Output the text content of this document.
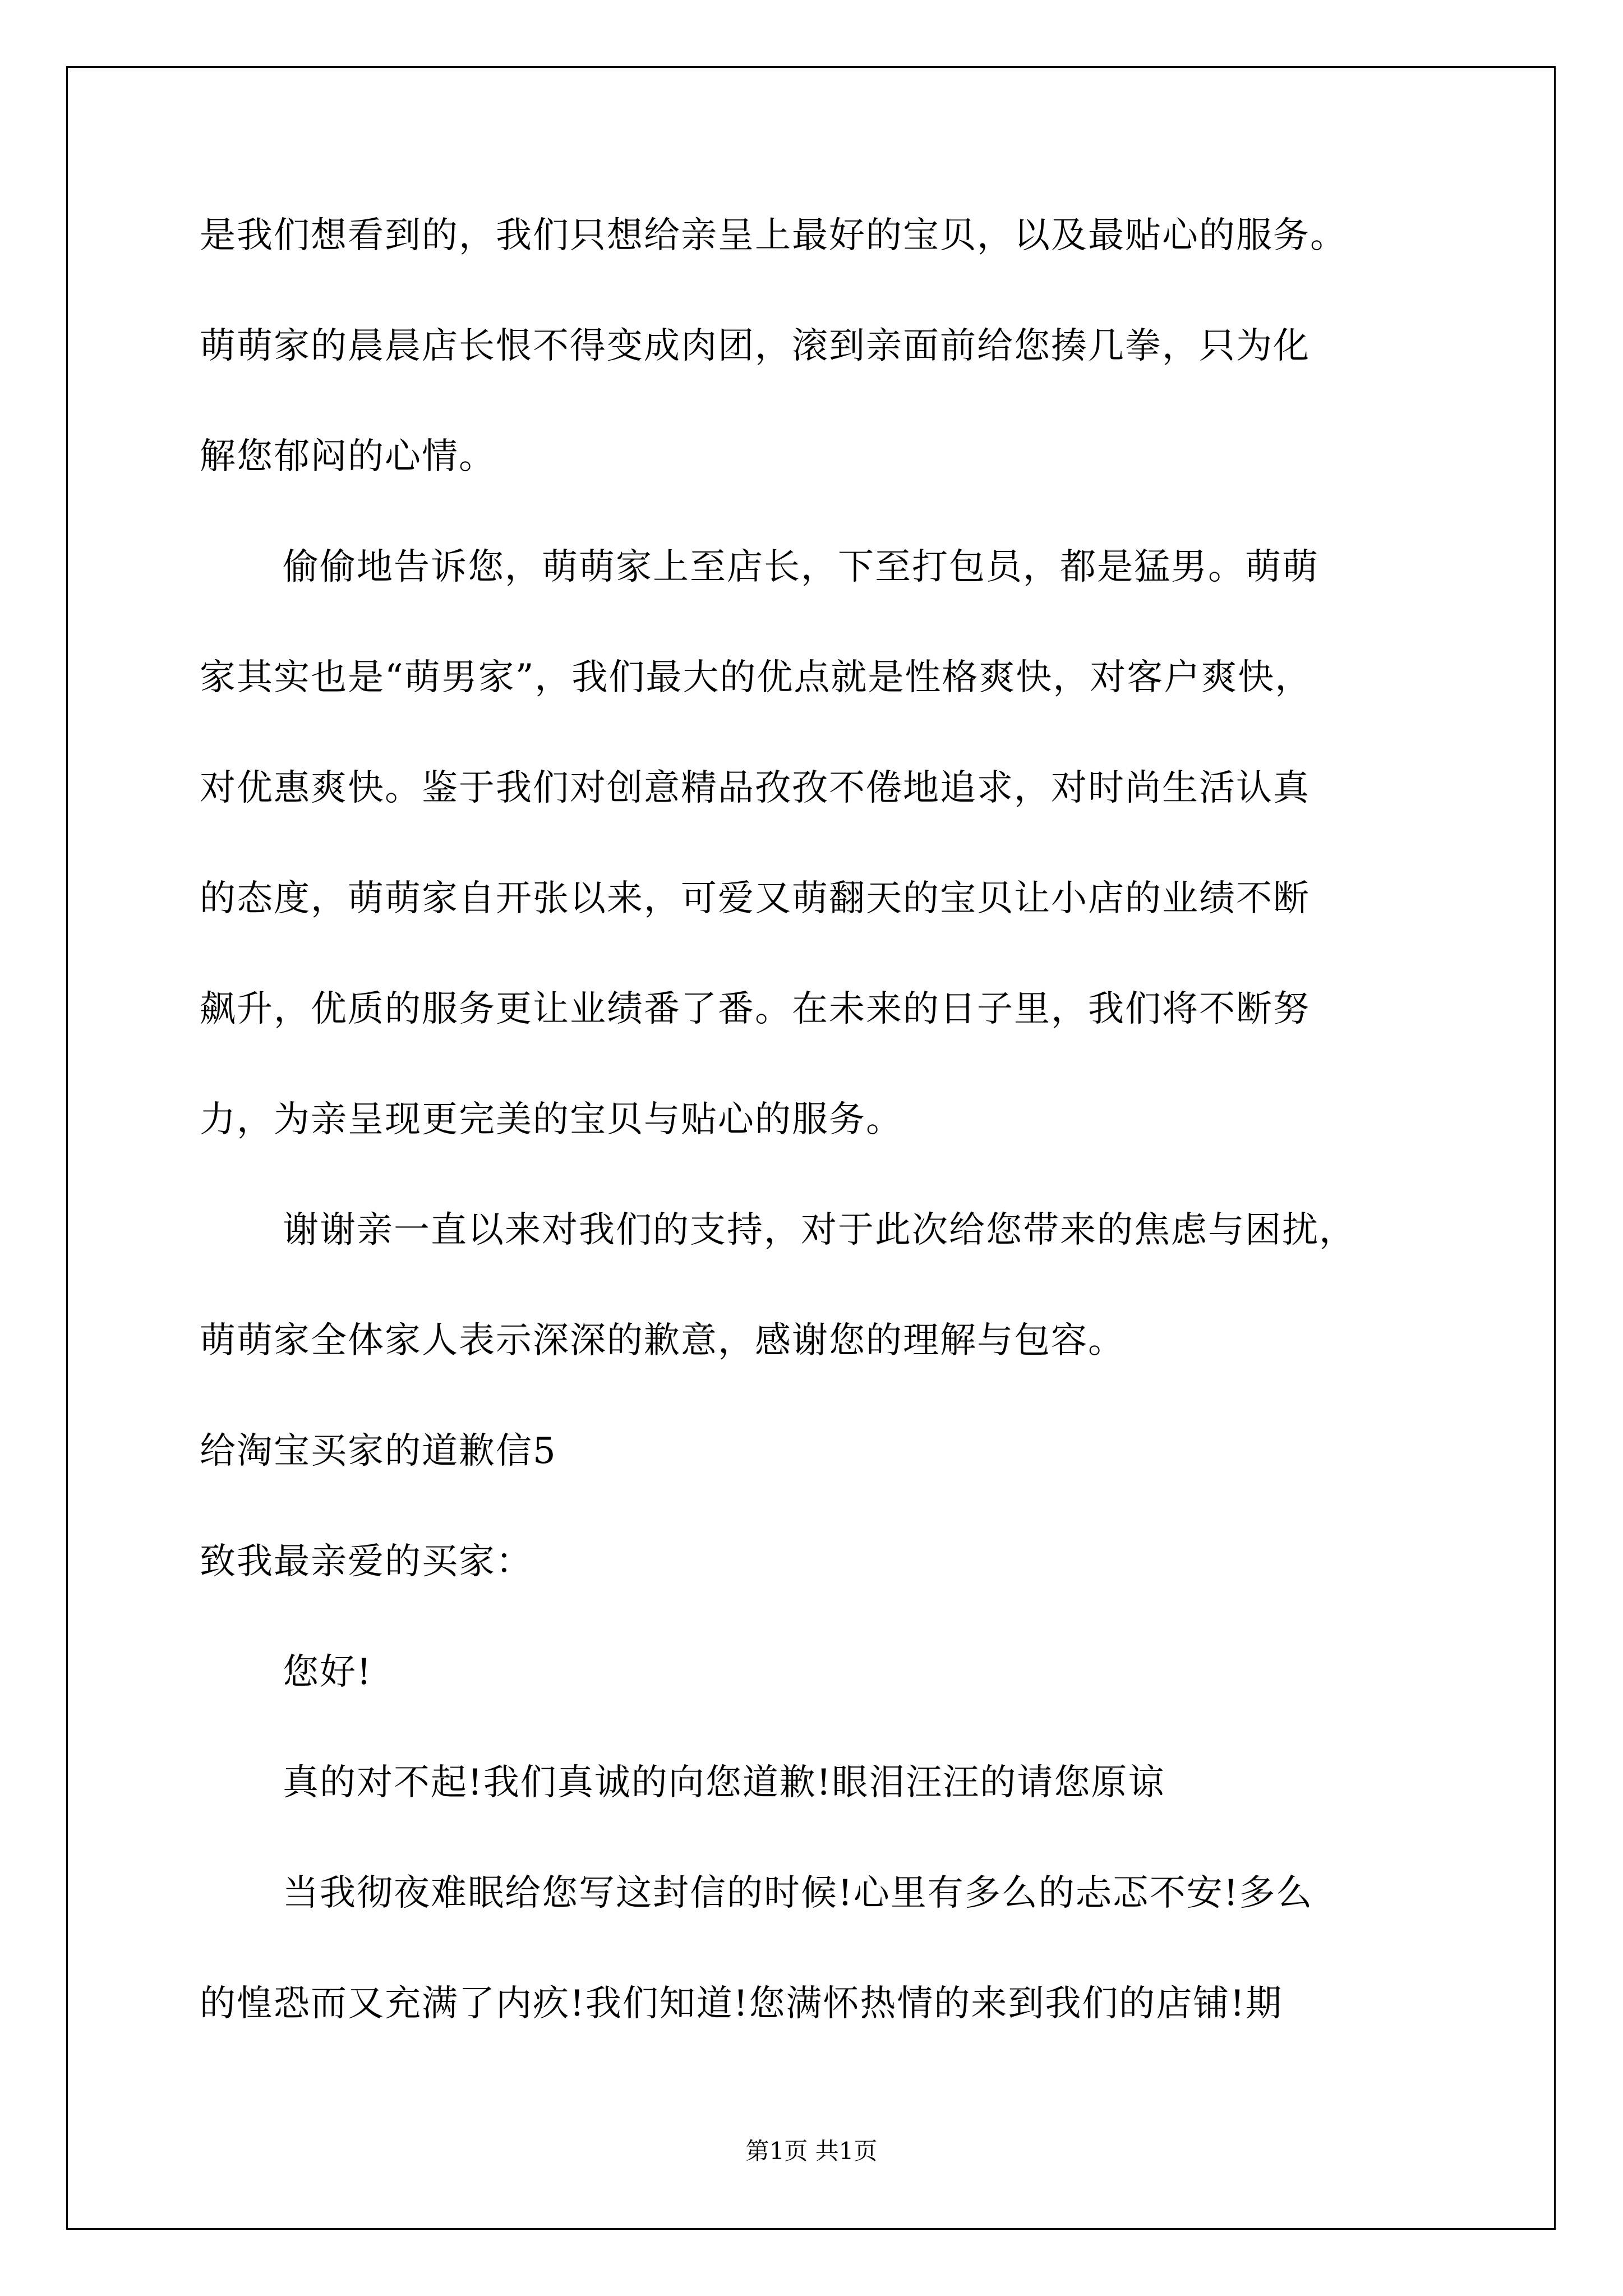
是我们想看到的，我们只想给亲呈上最好的宝贝，以及最贴心的服务。
萌萌家的晨晨店长恨不得变成肉团，滚到亲面前给您揍几拳，只为化
解您郁闷的心情。
偷偷地告诉您，萌萌家上至店长，下至打包员，都是猛男。萌萌
家其实也是“萌男家”，我们最大的优点就是性格爽快，对客户爽快，
对优惠爽快。鉴于我们对创意精品孜孜不倦地追求，对时尚生活认真
的态度，萌萌家自开张以来，可爱又萌翻天的宝贝让小店的业绩不断
飙升，优质的服务更让业绩番了番。在未来的日子里，我们将不断努
力，为亲呈现更完美的宝贝与贴心的服务。
谢谢亲一直以来对我们的支持，对于此次给您带来的焦虑与困扰，
萌萌家全体家人表示深深的歉意，感谢您的理解与包容。
给淘宝买家的道歉信5
致我最亲爱的买家：
您好!
真的对不起!我们真诚的向您道歉!眼泪汪汪的请您原谅
当我彻夜难眠给您写这封信的时候!心里有多么的忐忑不安!多么
的惶恐而又充满了内疚!我们知道!您满怀热情的来到我们的店铺!期
第1页 共1页
